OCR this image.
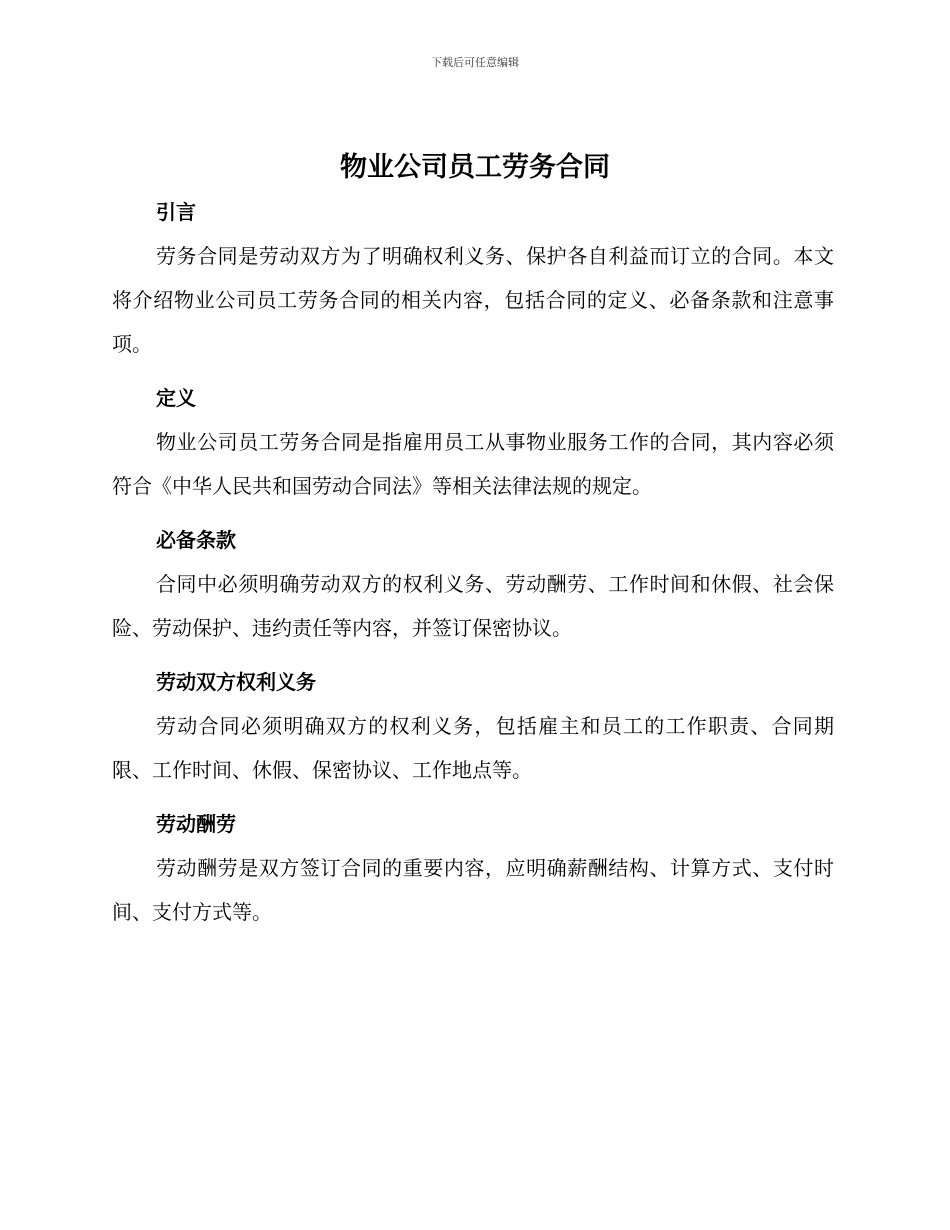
下载后可任意编辑
物业公司员工劳务合同
引言

劳务合同是劳动双方为了明确权利义务、保护各自利益而订立的合同。本文将介绍物业公司员工劳务合同的相关内容，包括合同的定义、必备条款和注意事项。

定义

物业公司员工劳务合同是指雇用员工从事物业服务工作的合同，其内容必须符合《中华人民共和国劳动合同法》等相关法律法规的规定。

必备条款

合同中必须明确劳动双方的权利义务、劳动酬劳、工作时间和休假、社会保险、劳动保护、违约责任等内容，并签订保密协议。

劳动双方权利义务

劳动合同必须明确双方的权利义务，包括雇主和员工的工作职责、合同期限、工作时间、休假、保密协议、工作地点等。

劳动酬劳

劳动酬劳是双方签订合同的重要内容，应明确薪酬结构、计算方式、支付时间、支付方式等。
